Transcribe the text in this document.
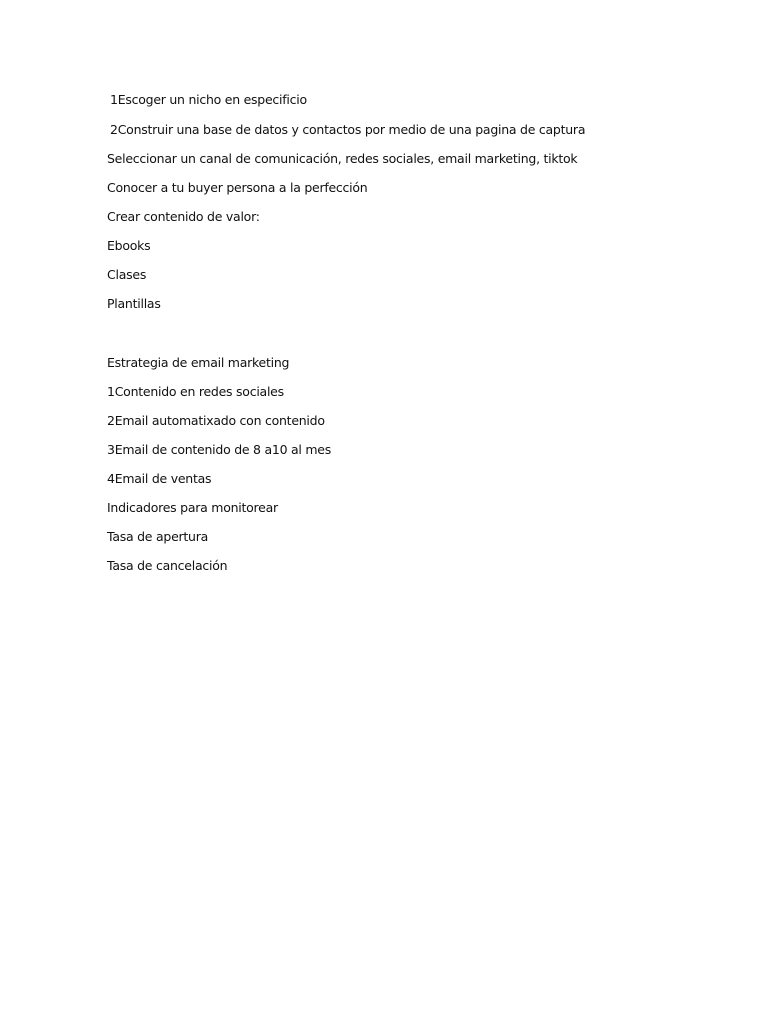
1Escoger un nicho en especificio
2Construir una base de datos y contactos por medio de una pagina de captura
Seleccionar un canal de comunicación, redes sociales, email marketing, tiktok
Conocer a tu buyer persona a la perfección
Crear contenido de valor:
Ebooks
Clases
Plantillas
Estrategia de email marketing
1Contenido en redes sociales
2Email automatixado con contenido
3Email de contenido de 8 a10 al mes
4Email de ventas
Indicadores para monitorear
Tasa de apertura
Tasa de cancelación
